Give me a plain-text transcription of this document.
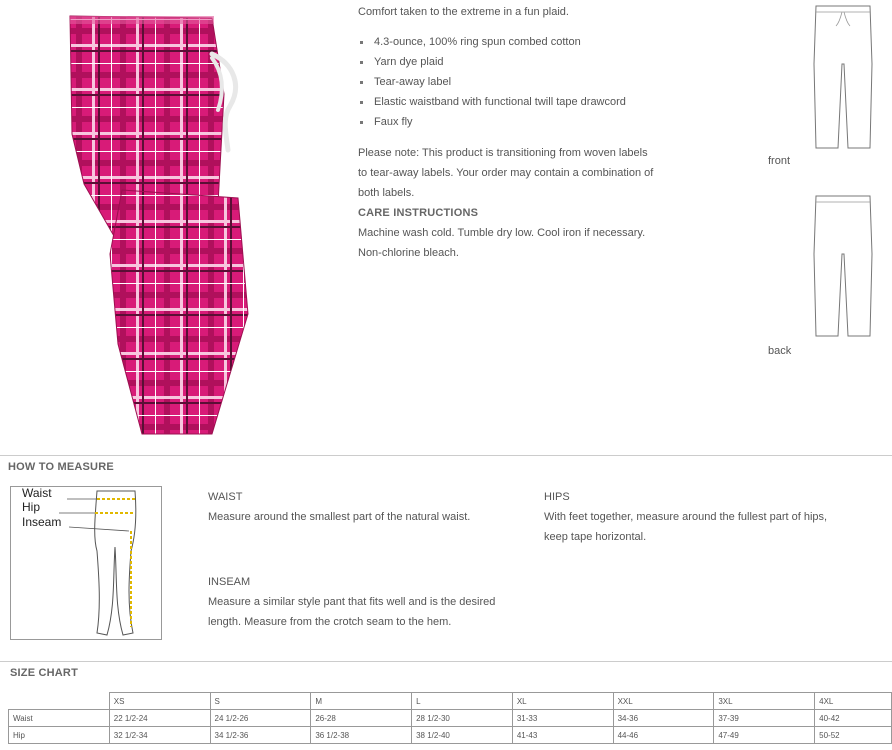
Comfort taken to the extreme in a fun plaid.
4.3-ounce, 100% ring spun combed cotton
Yarn dye plaid
Tear-away label
Elastic waistband with functional twill tape drawcord
Faux fly
Please note: This product is transitioning from woven labels
to tear-away labels. Your order may contain a combination of
both labels.
CARE INSTRUCTIONS
Machine wash cold. Tumble dry low. Cool iron if necessary.
Non-chlorine bleach.
front
back
HOW TO MEASURE
Waist
Hip
Inseam
WAIST
Measure around the smallest part of the natural waist.
HIPS
With feet together, measure around the fullest part of hips,
keep tape horizontal.
INSEAM
Measure a similar style pant that fits well and is the desired
length. Measure from the crotch seam to the hem.
SIZE CHART
	XS	S	M	L	XL	XXL	3XL	4XL
Waist	22 1/2-24	24 1/2-26	26-28	28 1/2-30	31-33	34-36	37-39	40-42
Hip	32 1/2-34	34 1/2-36	36 1/2-38	38 1/2-40	41-43	44-46	47-49	50-52
